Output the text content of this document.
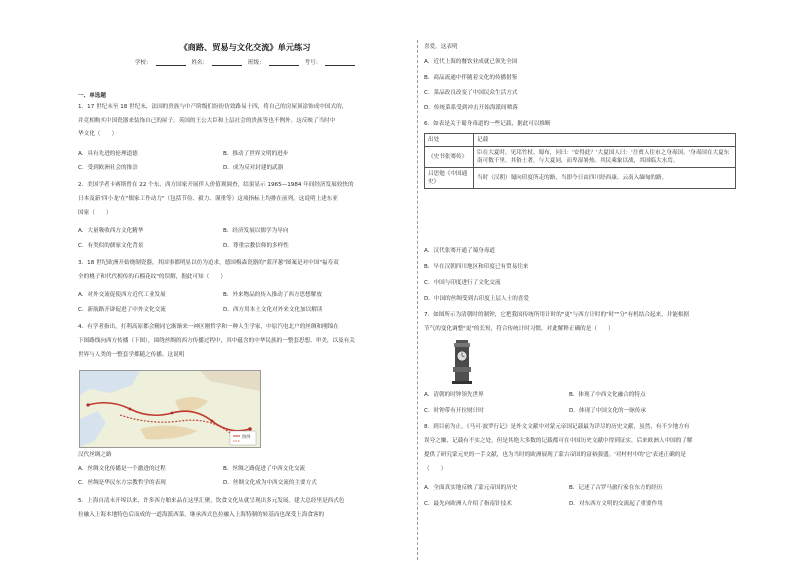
《商路、贸易与文化交流》单元练习
学校：	姓名：	班级：	考号：
一、单选题
1．17 世纪末至 18 世纪末，法国的贵族与中产阶级们纷纷仿效路易十四，将自己的房屋顶涂饰成中国式的，
并竞相购买中国瓷器来装饰自己的屋子。英国的王公大臣和上层社会的贵族等也不例外。这反映了当时中
华文化（　　）
A．具有先进的伦理道德	B．推动了世界文明的进步
C．受到欧洲社会的推崇	D．成为反对封建的武器
2．美国学者卡赛斯曾在 22 个东、西方国家开展伴人价值观调查，结果显示 1965—1984 年间经济发展较快的
日本及新'四小龙'在"儒家工作动力"（包括节俭、毅力、谨重等）这项指标上均排在前列。这说明上述东亚
国家（　　）
A．大量吸收西方文化精华	B．经济发展以儒学为导向
C．有类似的儒家文化背景	D．尊重宗教信仰的多样性
3．18 世纪欧洲开始烧制瓷器，其国事都明显以仿为追求，德国梅森瓷器的"蓝洋葱"图案是对中国"福寿双
全的桃子和代代相传的石榴花纹"的误解，据此可知（　　）
A．对外交流促使西方近代工业发展	B．外来物品的传入推动了西方思想解放
C．新航路开辟促进了中外文化交流	D．西方用本土文化对外来文化加以解读
4．有学者指出，打利高原都会精同它渐渐来一神区刚哲学和一种人生学家，中原汽电北户的丝绸和刚锦在
下图路线向西方传播（下图），围绕丝绸的西方传播过程中，其中蕴含的中华民族的一整套思想、审美，以及有关
世界与人类的一整套学都随之传播。这说明
图例
汉代丝绸之路
A．丝绸文化传播是一个激进的过程	B．丝绸之路促进了中西文化交流
C．丝绸是华民东方宗教哲学的表现	D．丝绸文化成为中西交流的主要方式
5．上海自清末开埠以来，许多西方舶来品在这里汇聚，饮食文化从就呈现出多元发展。建大总经里是西式色
拉融入上海本地特色后而成的一道海派西菜，继承西式色拉融入上海特制的转基而也深受上海食客的
喜爱。这表明
A．近代上海的餐饮业成就已领先全国
B．商品流通中伴随着文化的传播借鉴
C．菜品改良改变了中国民众生活方式
D．传统菜系受到冲击开始海派间喷落
6．如表是关于蜀身毒道的一些记载，据此可以推断
出处	记载
《史书张骞传》	臣在大夏时，见邛竹杖、蜀布，问曰：'安得此？'大夏国人曰：'吾贾人往市之身毒国。'身毒国在大夏东南可数千里。其俗土著，与大夏同，而卑湿暑热。其民乘象以战，其国临大水焉。
吕思勉《中国通史》	当时（汉朝）蜀向印度所走的路，当即今日由四川经西康、云南入缅甸的路。
A．汉代张骞开通了蜀身毒道
B．早在汉朝四川地区和印度已有贸易往来
C．中国与印度进行了文化交流
D．中国的丝绸受到古印度上层人士的喜爱
7．如图所示为清朝时的制钟，它把我国传统所用计时的"更"与西方计时的"时""分"有机结合起来，并能根据
节气的变化调整"更"的长短，符合传统计时习惯。对此解释正确的是（　　）
A．清朝的时钟领先世界	B．体现了中西文化融合的特点
C．时钟带有开拉财计时	D．体现了中国文化的一脉传承
8．到目前为止，《马可·波罗行记》是外文文献中对蒙元帝国记载最为详尽的历史文献，虽然，有不少地方有
误夸之嫌，记载有不实之处，但是其绝大多数的记载都可在中国历史文献中得到证实，后来欧洲人中国的了解
提供了研究蒙元史的一手文献，也为当时的欧洲展现了蒙古帝国的富裕强盛。'对村村中的'它'表述正确的是
（　　）
A．全面真实地反映了蒙元帝国的历史	B．记述了古罗马旅行家在东方的经历
C．最先向欧洲人介绍了指南针技术	D．对东西方文明的交流起了重要作用
